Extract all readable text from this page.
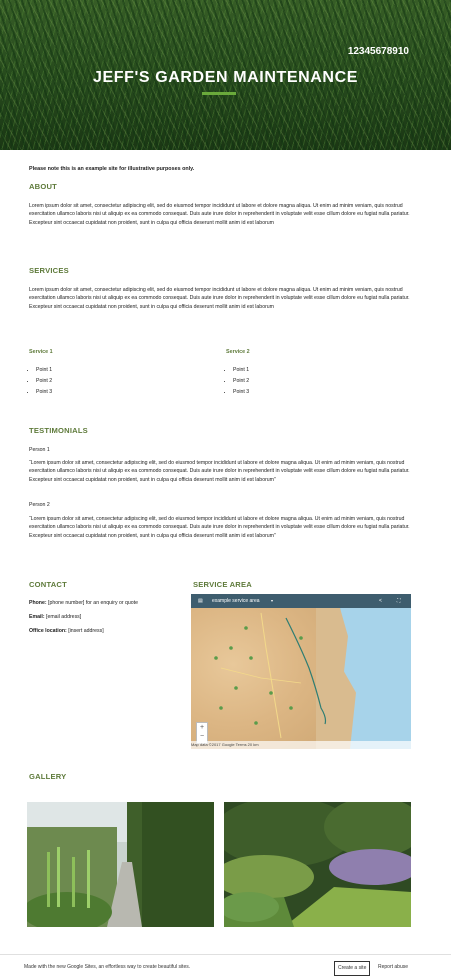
12345678910
JEFF'S GARDEN MAINTENANCE
Please note this is an example site for illustrative purposes only.
ABOUT
Lorem ipsum dolor sit amet, consectetur adipiscing elit, sed do eiusmod tempor incididunt ut labore et dolore magna aliqua. Ut enim ad minim veniam, quis nostrud exercitation ullamco laboris nisi ut aliquip ex ea commodo consequat. Duis aute irure dolor in reprehenderit in voluptate velit esse cillum dolore eu fugiat nulla pariatur. Excepteur sint occaecat cupidatat non proident, sunt in culpa qui officia deserunt mollit anim id est laborum
SERVICES
Lorem ipsum dolor sit amet, consectetur adipiscing elit, sed do eiusmod tempor incididunt ut labore et dolore magna aliqua. Ut enim ad minim veniam, quis nostrud exercitation ullamco laboris nisi ut aliquip ex ea commodo consequat. Duis aute irure dolor in reprehenderit in voluptate velit esse cillum dolore eu fugiat nulla pariatur. Excepteur sint occaecat cupidatat non proident, sunt in culpa qui officia deserunt mollit anim id est laborum
Service 1
• Point 1
• Point 2
• Point 3
Service 2
• Point 1
• Point 2
• Point 3
TESTIMONIALS
Person 1
“Lorem ipsum dolor sit amet, consectetur adipiscing elit, sed do eiusmod tempor incididunt ut labore et dolore magna aliqua. Ut enim ad minim veniam, quis nostrud exercitation ullamco laboris nisi ut aliquip ex ea commodo consequat. Duis aute irure dolor in reprehenderit in voluptate velit esse cillum dolore eu fugiat nulla pariatur. Excepteur sint occaecat cupidatat non proident, sunt in culpa qui officia deserunt mollit anim id est laborum”
Person 2
“Lorem ipsum dolor sit amet, consectetur adipiscing elit, sed do eiusmod tempor incididunt ut labore et dolore magna aliqua. Ut enim ad minim veniam, quis nostrud exercitation ullamco laboris nisi ut aliquip ex ea commodo consequat. Duis aute irure dolor in reprehenderit in voluptate velit esse cillum dolore eu fugiat nulla pariatur. Excepteur sint occaecat cupidatat non proident, sunt in culpa qui officia deserunt mollit anim id est laborum”
CONTACT
Phone: [phone number] for an enquiry or quote
Email: [email address]
Office location: [insert address]
SERVICE AREA
▤ example service area	▾	<	⛶
+
−
Map data ©2017 Google Terms 20 km
GALLERY
Made with the new Google Sites, an effortless way to create beautiful sites.	Create a site	Report abuse
